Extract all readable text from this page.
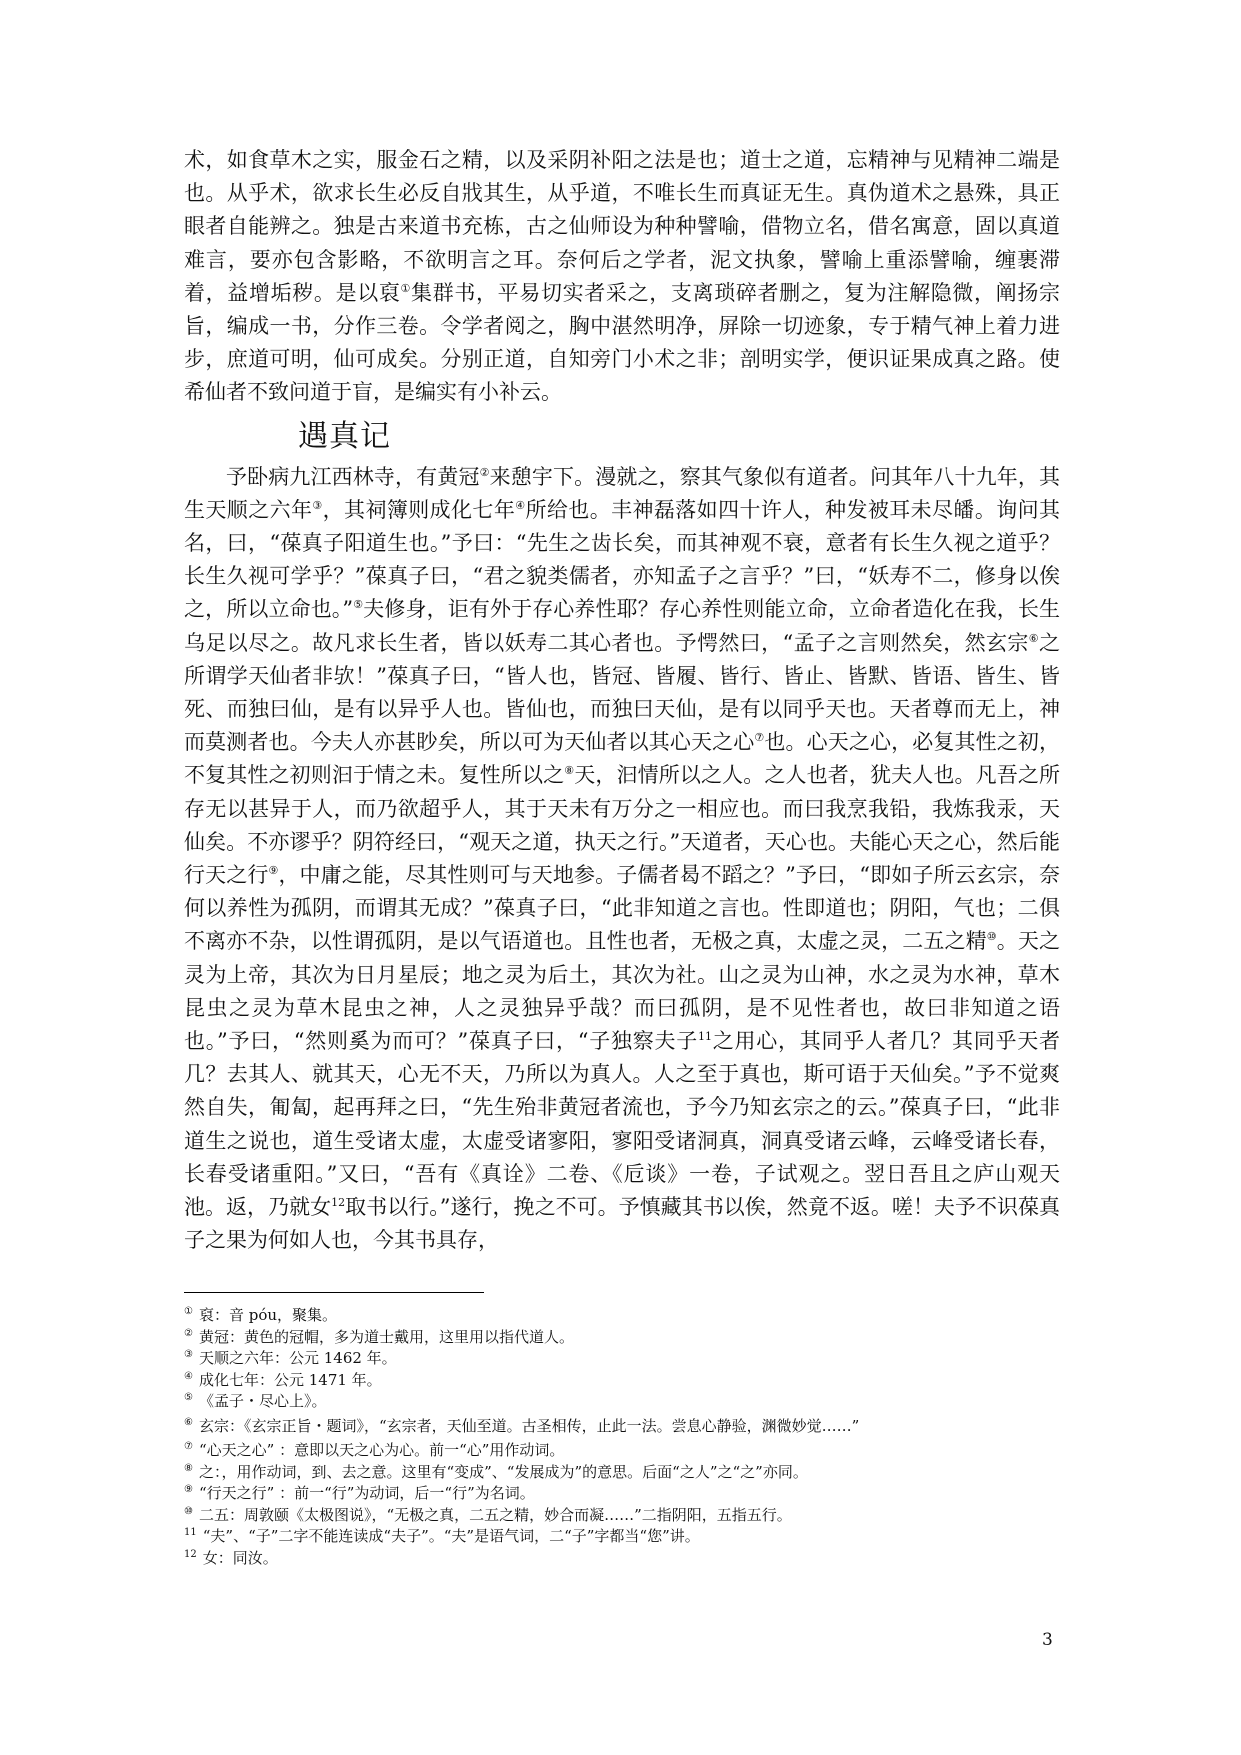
术，如食草木之实，服金石之精，以及采阴补阳之法是也；道士之道，忘精神与见精神二端是也。从乎术，欲求长生必反自戕其生，从乎道，不唯长生而真证无生。真伪道术之悬殊，具正眼者自能辨之。独是古来道书充栋，古之仙师设为种种譬喻，借物立名，借名寓意，固以真道难言，要亦包含影略，不欲明言之耳。奈何后之学者，泥文执象，譬喻上重添譬喻，缠裹滞着，益增垢秽。是以裒①集群书，平易切实者采之，支离琐碎者删之，复为注解隐微，阐扬宗旨，编成一书，分作三卷。令学者阅之，胸中湛然明净，屏除一切迹象，专于精气神上着力进步，庶道可明，仙可成矣。分别正道，自知旁门小术之非；剖明实学，便识证果成真之路。使希仙者不致问道于盲，是编实有小补云。

遇真记

予卧病九江西林寺，有黄冠②来憩宇下。漫就之，察其气象似有道者。问其年八十九年，其生天顺之六年③，其祠簿则成化七年④所给也。丰神磊落如四十许人，种发被耳未尽皤。询问其名，曰，“葆真子阳道生也。”予曰：“先生之齿长矣，而其神观不衰，意者有长生久视之道乎？长生久视可学乎？”葆真子曰，“君之貌类儒者，亦知孟子之言乎？”曰，“妖寿不二，修身以俟之，所以立命也。”⑤夫修身，讵有外于存心养性耶？存心养性则能立命，立命者造化在我，长生乌足以尽之。故凡求长生者，皆以妖寿二其心者也。予愕然曰，“孟子之言则然矣，然玄宗⑥之所谓学天仙者非欤！”葆真子曰，“皆人也，皆冠、皆履、皆行、皆止、皆默、皆语、皆生、皆死、而独曰仙，是有以异乎人也。皆仙也，而独曰天仙，是有以同乎天也。天者尊而无上，神而莫测者也。今夫人亦甚眇矣，所以可为天仙者以其心天之心⑦也。心天之心，必复其性之初，不复其性之初则汩于情之未。复性所以之⑧天，汩情所以之人。之人也者，犹夫人也。凡吾之所存无以甚异于人，而乃欲超乎人，其于天未有万分之一相应也。而曰我烹我铅，我炼我汞，天仙矣。不亦谬乎？阴符经曰，“观天之道，执天之行。”天道者，天心也。夫能心天之心，然后能行天之行⑨，中庸之能，尽其性则可与天地参。子儒者曷不蹈之？”予曰，“即如子所云玄宗，奈何以养性为孤阴，而谓其无成？”葆真子曰，“此非知道之言也。性即道也；阴阳，气也；二俱不离亦不杂，以性谓孤阴，是以气语道也。且性也者，无极之真，太虚之灵，二五之精⑩。天之灵为上帝，其次为日月星辰；地之灵为后土，其次为社。山之灵为山神，水之灵为水神，草木昆虫之灵为草木昆虫之神，人之灵独异乎哉？而曰孤阴，是不见性者也，故曰非知道之语也。”予曰，“然则奚为而可？”葆真子曰，“子独察夫子$^{11}$之用心，其同乎人者几？其同乎天者几？去其人、就其天，心无不天，乃所以为真人。人之至于真也，斯可语于天仙矣。”予不觉爽然自失，匍匐，起再拜之曰，“先生殆非黄冠者流也，予今乃知玄宗之的云。”葆真子曰，“此非道生之说也，道生受诸太虚，太虚受诸寥阳，寥阳受诸洞真，洞真受诸云峰，云峰受诸长春，长春受诸重阳。”又曰，“吾有《真诠》二卷、《卮谈》一卷，子试观之。翌日吾且之庐山观天池。返，乃就女$^{12}$取书以行。”遂行，挽之不可。予慎藏其书以俟，然竟不返。嗟！夫予不识葆真子之果为何如人也，今其书具存，

① 裒：音 póu，聚集。
② 黄冠：黄色的冠帽，多为道士戴用，这里用以指代道人。
③ 天顺之六年：公元 1462 年。
④ 成化七年：公元 1471 年。
⑤ 《孟子・尽心上》。
⑥ 玄宗：《玄宗正旨・题词》，“玄宗者，天仙至道。古圣相传，止此一法。尝息心静验，渊微妙觉……”
⑦ “心天之心” ：意即以天之心为心。前一“心”用作动词。
⑧ 之：，用作动词，到、去之意。这里有“变成”、“发展成为”的意思。后面“之人”之“之”亦同。
⑨ “行天之行” ：前一“行”为动词，后一“行”为名词。
⑩ 二五：周敦颐《太极图说》，“无极之真，二五之精，妙合而凝……”二指阴阳，五指五行。
$^{11}$ “夫”、“子”二字不能连读成“夫子”。“夫”是语气词，二“子”字都当“您”讲。
$^{12}$ 女：同汝。
3
